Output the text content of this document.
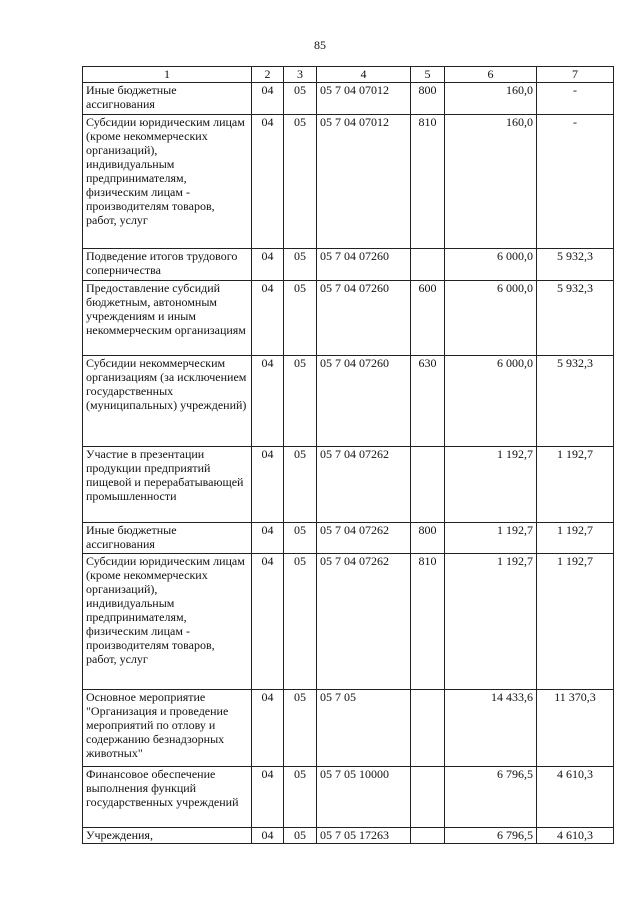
85
1	2	3	4	5	6	7
Иные бюджетные ассигнования	04	05	05 7 04 07012	800	160,0	-
Субсидии юридическим лицам (кроме некоммерческих организаций), индивидуальным предпринимателям, физическим лицам - производителям товаров, работ, услуг	04	05	05 7 04 07012	810	160,0	-
Подведение итогов трудового соперничества	04	05	05 7 04 07260		6 000,0	5 932,3
Предоставление субсидий бюджетным, автономным учреждениям и иным некоммерческим организациям	04	05	05 7 04 07260	600	6 000,0	5 932,3
Субсидии некоммерческим организациям (за исключением государственных (муниципальных) учреждений)	04	05	05 7 04 07260	630	6 000,0	5 932,3
Участие в презентации продукции предприятий пищевой и перерабатывающей промышленности	04	05	05 7 04 07262		1 192,7	1 192,7
Иные бюджетные ассигнования	04	05	05 7 04 07262	800	1 192,7	1 192,7
Субсидии юридическим лицам (кроме некоммерческих организаций), индивидуальным предпринимателям, физическим лицам - производителям товаров, работ, услуг	04	05	05 7 04 07262	810	1 192,7	1 192,7
Основное мероприятие "Организация и проведение мероприятий по отлову и содержанию безнадзорных животных"	04	05	05 7 05		14 433,6	11 370,3
Финансовое обеспечение выполнения функций государственных учреждений	04	05	05 7 05 10000		6 796,5	4 610,3
Учреждения,	04	05	05 7 05 17263		6 796,5	4 610,3
